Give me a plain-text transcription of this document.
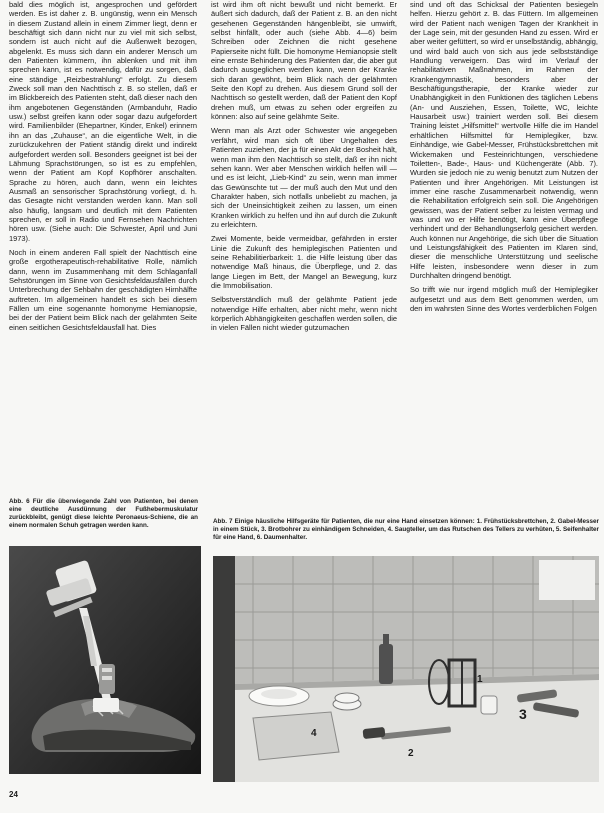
bald dies möglich ist, angesprochen und gefördert werden. Es ist daher z. B. ungünstig, wenn ein Mensch in diesem Zustand allein in einem Zimmer liegt, denn er beschäftigt sich dann nicht nur zu viel mit sich selbst, sondern ist auch nicht auf die Außenwelt bezogen, abgelenkt. Es muss sich dann ein anderer Mensch um den Patienten kümmern, ihn ablenken und mit ihm sprechen kann, ist es notwendig, dafür zu sorgen, daß eine ständige „Reizbestrahlung“ erfolgt. Zu diesem Zweck soll man den Nachttisch z. B. so stellen, daß er im Blickbereich des Patienten steht, daß dieser nach den ihm angebotenen Gegenständen (Armbanduhr, Radio usw.) selbst greifen kann oder sogar dazu aufgefordert wird. Familienbilder (Ehepartner, Kinder, Enkel) erinnern ihn an das „Zuhause“, an die eigentliche Welt, in die zurückzukehren der Patient ständig direkt und indirekt aufgefordert werden soll. Besonders geeignet ist bei der Lähmung Sprachstörungen, so ist es zu empfehlen, wenn der Patient am Kopf Kopfhörer anschalten. Sprache zu hören, auch dann, wenn ein leichtes Ausmaß an sensorischer Sprachstörung vorliegt, d. h. das Gesagte nicht verstanden werden kann. Man soll also häufig, langsam und deutlich mit dem Patienten sprechen, er soll in Radio und Fernsehen Nachrichten hören usw. (Siehe auch: Die Schwester, April und Juni 1973).

Noch in einem anderen Fall spielt der Nachttisch eine große ergotherapeutisch-rehabilitative Rolle, nämlich dann, wenn im Zusammenhang mit dem Schlaganfall Sehstörungen im Sinne von Gesichtsfeldausfällen durch Unterbrechung der Sehbahn der geschädigten Hirnhälfte auftreten. Im allgemeinen handelt es sich bei diesem Fällen um eine sogenannte homonyme Hemianopsie, bei der der Patient beim Blick nach der gelähmten Seite einen seitlichen Gesichtsfeldausfall hat. Dies

ist wird ihm oft nicht bewußt und nicht bemerkt. Er äußert sich dadurch, daß der Patient z. B. an den nicht gesehenen Gegenständen hängenbleibt, sie umwirft, selbst hinfällt, oder auch (siehe Abb. 4—6) beim Schreiben oder Zeichnen die nicht gesehene Papierseite nicht füllt. Die homonyme Hemianopsie stellt eine ernste Behinderung des Patienten dar, die aber gut dadurch ausgeglichen werden kann, wenn der Kranke sich daran gewöhnt, beim Blick nach der gelähmten Seite den Kopf zu drehen. Aus diesem Grund soll der Nachttisch so gestellt werden, daß der Patient den Kopf drehen muß, um etwas zu sehen oder ergreifen zu können: also auf seine gelähmte Seite.

Wenn man als Arzt oder Schwester wie angegeben verfährt, wird man sich oft über Ungehalten des Patienten zuziehen, der ja für einen Akt der Bosheit hält, wenn man ihm den Nachttisch so stellt, daß er ihn nicht sehen kann. Wer aber Menschen wirklich helfen will — und es ist leicht, „Lieb-Kind“ zu sein, wenn man immer das Gewünschte tut — der muß auch den Mut und den Charakter haben, sich notfalls unbeliebt zu machen, ja sich der Uneinsichtigkeit zeihen zu lassen, um einen Kranken wirklich zu helfen und ihn auf durch die Zukunft zu erleichtern.

Zwei Momente, beide vermeidbar, gefährden in erster Linie die Zukunft des hemiplegischen Patienten und seine Rehabilitierbarkeit: 1. die Hilfe leistung über das notwendige Maß hinaus, die Überpflege, und 2. das lange Liegen im Bett, der Mangel an Bewegung, kurz die Immobilisation.

Selbstverständlich muß der gelähmte Patient jede notwendige Hilfe erhalten, aber nicht mehr, wenn nicht körperlich Abhängigkeiten geschaffen werden sollen, die in vielen Fällen nicht wieder gutzumachen

sind und oft das Schicksal der Patienten besiegeln helfen. Hierzu gehört z. B. das Füttern. Im allgemeinen wird der Patient nach wenigen Tagen der Krankheit in der Lage sein, mit der gesunden Hand zu essen. Wird er aber weiter gefüttert, so wird er unselbständig, abhängig, und wird bald auch von sich aus jede selbstständige Handlung verweigern. Das wird im Verlauf der rehabilitativen Maßnahmen, im Rahmen der Krankengymnastik, besonders aber der Beschäftigungstherapie, der Kranke wieder zur Unabhängigkeit in den Funktionen des täglichen Lebens (An- und Ausziehen, Essen, Toilette, WC, leichte Hausarbeit usw.) trainiert werden soll. Bei diesem Training leistet „Hilfsmittel“ wertvolle Hilfe die im Handel erhältlichen Hilfsmittel für Hemiplegiker, bzw. Einhändige, wie Gabel-Messer, Frühstücksbrettchen mit Wickemaken und Festeinrichtungen, verschiedene Toiletten-, Bade-, Haus- und Küchengeräte (Abb. 7). Wurden sie jedoch nie zu wenig benutzt zum Nutzen der Patienten und ihrer Angehörigen. Mit Leistungen ist immer eine rasche Zusammenarbeit notwendig, wenn die Rehabilitation erfolgreich sein soll. Die Angehörigen gewissen, was der Patient selber zu leisten vermag und was und wo er Hilfe benötigt, kann eine Überpflege verhindert und der Behandlungserfolg gesichert werden. Auch können nur Angehörige, die sich über die Situation und Leistungsfähigkeit des Patienten im Klaren sind, dieser die menschliche Unterstützung und seelische Hilfe leisten, insbesondere wenn dieser in zum Durchhalten dringend benötigt.

So trifft wie nur irgend möglich muß der Hemiplegiker aufgesetzt und aus dem Bett genommen werden, um den im wahrsten Sinne des Wortes verderblichen Folgen

Abb. 6 Für die überwiegende Zahl von Patienten, bei denen eine deutliche Ausdünnung der Fußhebermuskulatur zurückbleibt, genügt diese leichte Peronaeus-Schiene, die an einem normalen Schuh getragen werden kann.
Abb. 7 Einige häusliche Hilfsgeräte für Patienten, die nur eine Hand einsetzen können: 1. Frühstücksbrettchen, 2. Gabel-Messer in einem Stück, 3. Brotbohrer zu einhändigem Schneiden, 4. Saugteller, um das Rutschen des Tellers zu verhüten, 5. Seifenhalter für eine Hand, 6. Daumenhalter.
1
2
3
4
24
